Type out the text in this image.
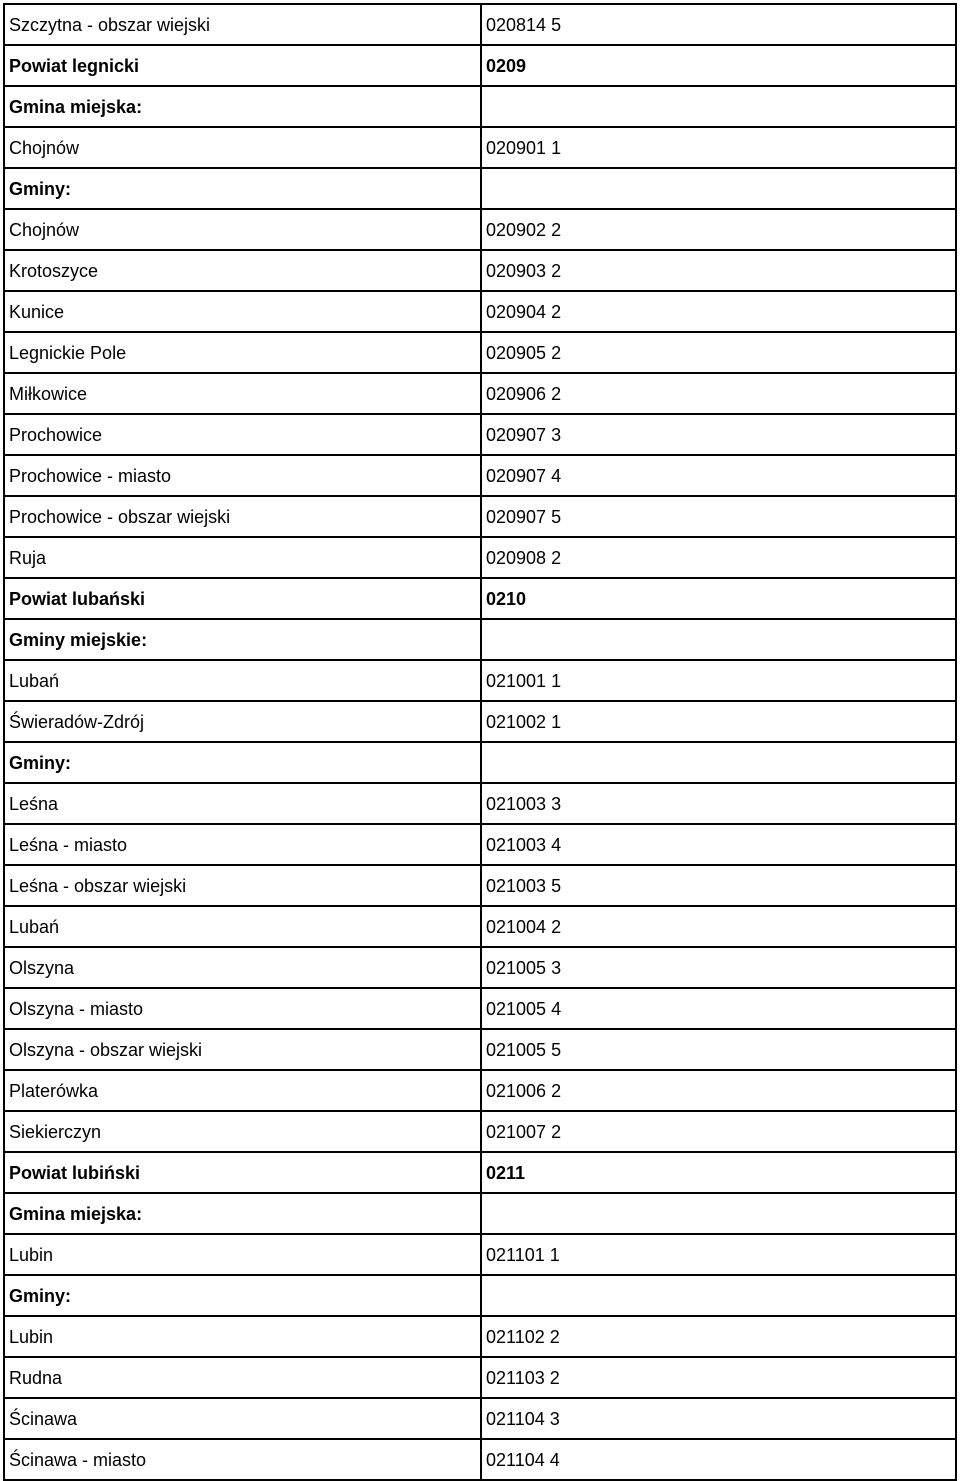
Szczytna - obszar wiejski	020814 5
Powiat legnicki	0209
Gmina miejska:	
Chojnów	020901 1
Gminy:	
Chojnów	020902 2
Krotoszyce	020903 2
Kunice	020904 2
Legnickie Pole	020905 2
Miłkowice	020906 2
Prochowice	020907 3
Prochowice - miasto	020907 4
Prochowice - obszar wiejski	020907 5
Ruja	020908 2
Powiat lubański	0210
Gminy miejskie:	
Lubań	021001 1
Świeradów-Zdrój	021002 1
Gminy:	
Leśna	021003 3
Leśna - miasto	021003 4
Leśna - obszar wiejski	021003 5
Lubań	021004 2
Olszyna	021005 3
Olszyna - miasto	021005 4
Olszyna - obszar wiejski	021005 5
Platerówka	021006 2
Siekierczyn	021007 2
Powiat lubiński	0211
Gmina miejska:	
Lubin	021101 1
Gminy:	
Lubin	021102 2
Rudna	021103 2
Ścinawa	021104 3
Ścinawa - miasto	021104 4
